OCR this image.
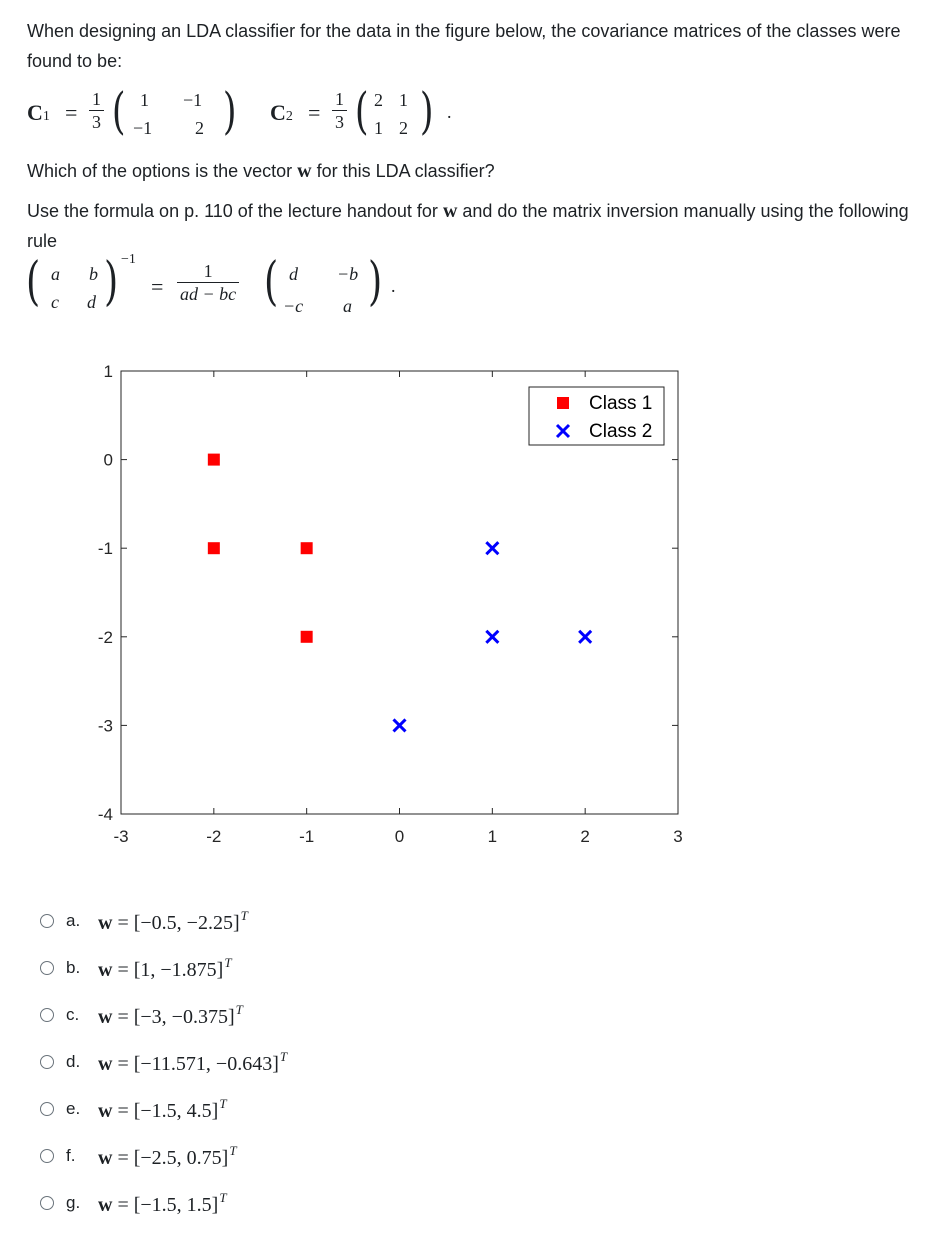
When designing an LDA classifier for the data in the figure below, the covariance matrices of the classes were found to be:
$C1 = \frac{1}{3}$ ( 1 −1
−1 2 ) $C2 = \frac{1}{3}$ ( 2 1
1 2 ) .
Which of the options is the vector w for this LDA classifier?
Use the formula on p. 110 of the lecture handout for w and do the matrix inversion manually using the following rule
( a b
c d ) −1
= $\frac{1}{ad - bc}$ ( d −b
−c a ) .
-3	-2	-1	0	1	2	3
1
0
-1
-2
-3
-4
Class 1
Class 2
a. w = [−0.5, −2.25]$^T$
b. w = [1, −1.875]$^T$
c. w = [−3, −0.375]$^T$
d. w = [−11.571, −0.643]$^T$
e. w = [−1.5, 4.5]$^T$
f.	w = [−2.5, 0.75]$^T$
g. w = [−1.5, 1.5]$^T$
